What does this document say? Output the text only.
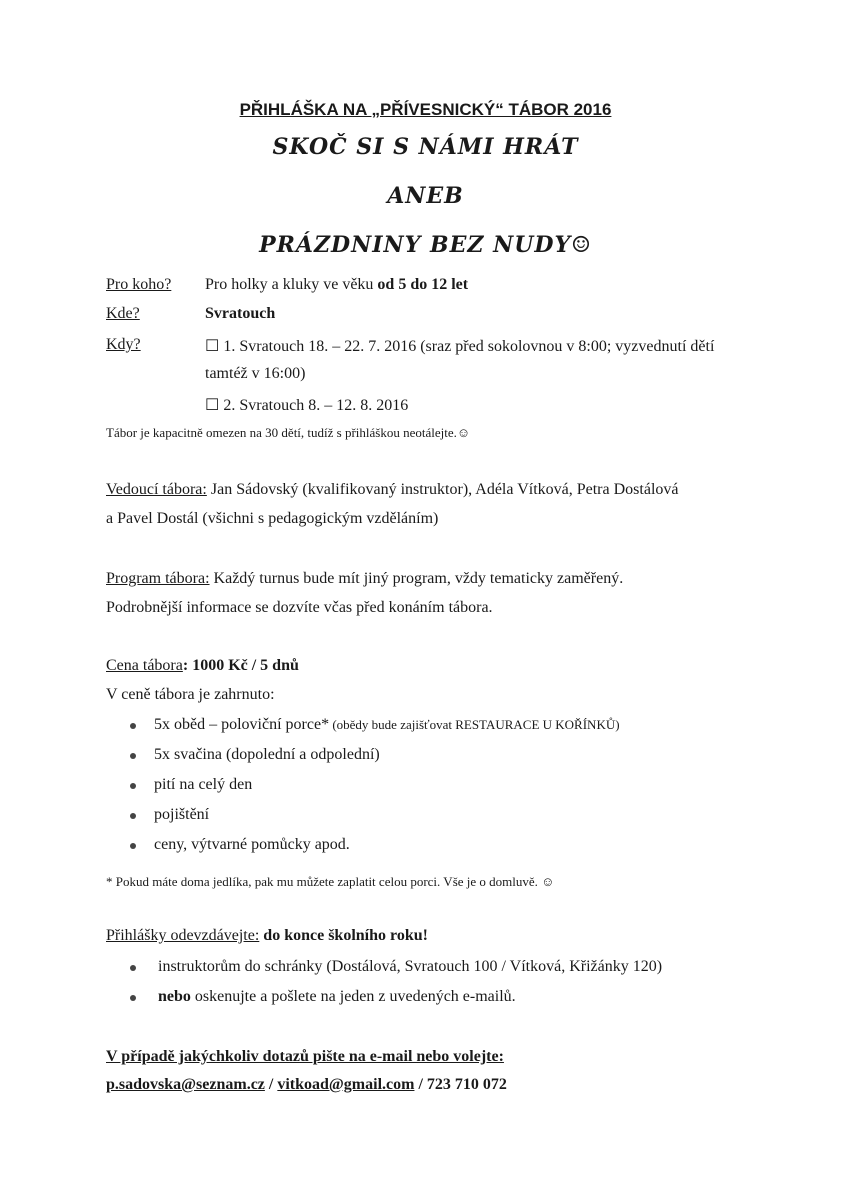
PŘIHLÁŠKA NA „PŘÍVESNICKÝ“ TÁBOR 2016
SKOČ SI S NÁMI HRÁT
ANEB
PRÁZDNINY BEZ NUDY☺
Pro koho? Pro holky a kluky ve věku od 5 do 12 let
Kde?	Svratouch
Kdy?	☐ 1. Svratouch 18. – 22. 7. 2016 (sraz před sokolovnou v 8:00; vyzvednutí dětí
tamtéž v 16:00)
☐ 2. Svratouch 8. – 12. 8. 2016
Tábor je kapacitně omezen na 30 dětí, tudíž s přihláškou neotálejte.☺
Vedoucí tábora: Jan Sádovský (kvalifikovaný instruktor), Adéla Vítková, Petra Dostálová
a Pavel Dostál (všichni s pedagogickým vzděláním)
Program tábora: Každý turnus bude mít jiný program, vždy tematicky zaměřený.
Podrobnější informace se dozvíte včas před konáním tábora.
Cena tábora: 1000 Kč / 5 dnů
V ceně tábora je zahrnuto:
5x oběd – poloviční porce* (obědy bude zajišťovat RESTAURACE U KOŘÍNKŮ)
5x svačina (dopolední a odpolední)
pití na celý den
pojištění
ceny, výtvarné pomůcky apod.
* Pokud máte doma jedlíka, pak mu můžete zaplatit celou porci. Vše je o domluvě. ☺
Přihlášky odevzdávejte: do konce školního roku!
instruktorům do schránky (Dostálová, Svratouch 100 / Vítková, Křižánky 120)
nebo oskenujte a pošlete na jeden z uvedených e-mailů.
V případě jakýchkoliv dotazů pište na e-mail nebo volejte:
p.sadovska@seznam.cz / vitkoad@gmail.com / 723 710 072
